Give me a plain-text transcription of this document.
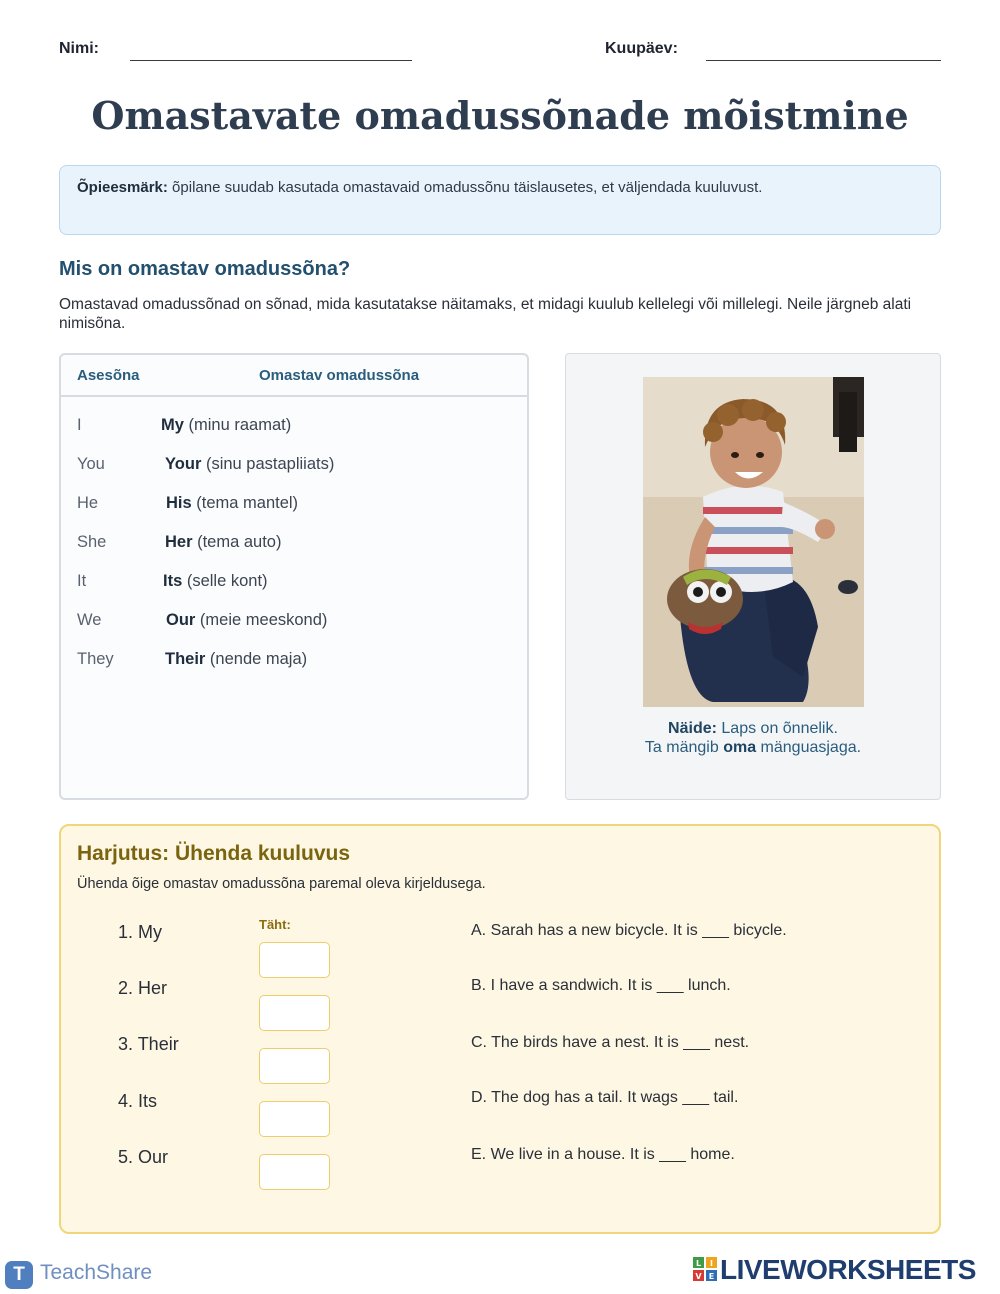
Nimi:	Kuupäev:
Omastavate omadussõnade mõistmine
Õpieesmärk: õpilane suudab kasutada omastavaid omadussõnu täislausetes, et väljendada kuuluvust.
Mis on omastav omadussõna?

Omastavad omadussõnad on sõnad, mida kasutatakse näitamaks, et midagi kuulub kellelegi või millelegi. Neile järgneb alati nimisõna.

Asesõna	Omastav omadussõna
I	My (minu raamat)
You	Your (sinu pastapliiats)
He	His (tema mantel)
She	Her (tema auto)
It	Its (selle kont)
We	Our (meie meeskond)
They	Their (nende maja)
Näide: Laps on õnnelik.
Ta mängib oma mänguasjaga.
Harjutus: Ühenda kuuluvus

Ühenda õige omastav omadussõna paremal oleva kirjeldusega.

Täht:
1. My
2. Her
3. Their
4. Its
5. Our
A. Sarah has a new bicycle. It is ___ bicycle.
B. I have a sandwich. It is ___ lunch.
C. The birds have a nest. It is ___ nest.
D. The dog has a tail. It wags ___ tail.
E. We live in a house. It is ___ home.
T TeachShare	L I
V E LIVEWORKSHEETS
